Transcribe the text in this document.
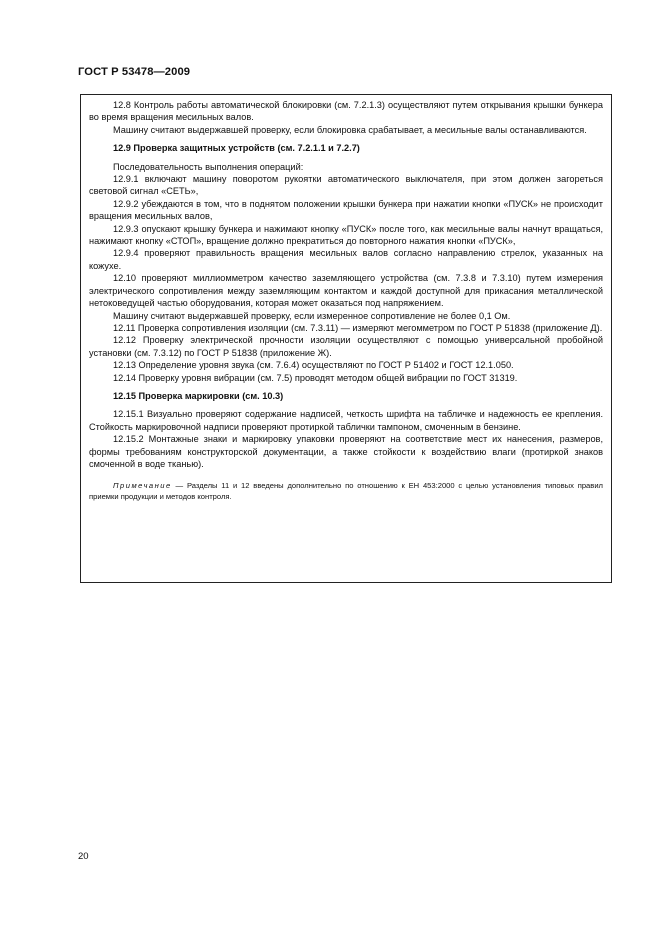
ГОСТ Р 53478—2009

12.8 Контроль работы автоматической блокировки (см. 7.2.1.3) осуществляют путем открывания крышки бункера во время вращения месильных валов.

Машину считают выдержавшей проверку, если блокировка срабатывает, а месильные валы останавливаются.

12.9 Проверка защитных устройств (см. 7.2.1.1 и 7.2.7)

Последовательность выполнения операций:

12.9.1 включают машину поворотом рукоятки автоматического выключателя, при этом должен загореться световой сигнал «СЕТЬ»,

12.9.2 убеждаются в том, что в поднятом положении крышки бункера при нажатии кнопки «ПУСК» не происходит вращения месильных валов,

12.9.3 опускают крышку бункера и нажимают кнопку «ПУСК» после того, как месильные валы начнут вращаться, нажимают кнопку «СТОП», вращение должно прекратиться до повторного нажатия кнопки «ПУСК»,

12.9.4 проверяют правильность вращения месильных валов согласно направлению стрелок, указанных на кожухе.

12.10 проверяют миллиомметром качество заземляющего устройства (см. 7.3.8 и 7.3.10) путем измерения электрического сопротивления между заземляющим контактом и каждой доступной для прикасания металлической нетоковедущей частью оборудования, которая может оказаться под напряжением.

Машину считают выдержавшей проверку, если измеренное сопротивление не более 0,1 Ом.

12.11 Проверка сопротивления изоляции (см. 7.3.11) — измеряют мегомметром по ГОСТ Р 51838 (приложение Д).

12.12 Проверку электрической прочности изоляции осуществляют с помощью универсальной пробойной установки (см. 7.3.12) по ГОСТ Р 51838 (приложение Ж).

12.13 Определение уровня звука (см. 7.6.4) осуществляют по ГОСТ Р 51402 и ГОСТ 12.1.050.

12.14 Проверку уровня вибрации (см. 7.5) проводят методом общей вибрации по ГОСТ 31319.

12.15 Проверка маркировки (см. 10.3)

12.15.1 Визуально проверяют содержание надписей, четкость шрифта на табличке и надежность ее крепления. Стойкость маркировочной надписи проверяют протиркой таблички тампоном, смоченным в бензине.

12.15.2 Монтажные знаки и маркировку упаковки проверяют на соответствие мест их нанесения, размеров, формы требованиям конструкторской документации, а также стойкости к воздействию влаги (протиркой знаков смоченной в воде тканью).

Примечание — Разделы 11 и 12 введены дополнительно по отношению к ЕН 453:2000 с целью установления типовых правил приемки продукции и методов контроля.

20
